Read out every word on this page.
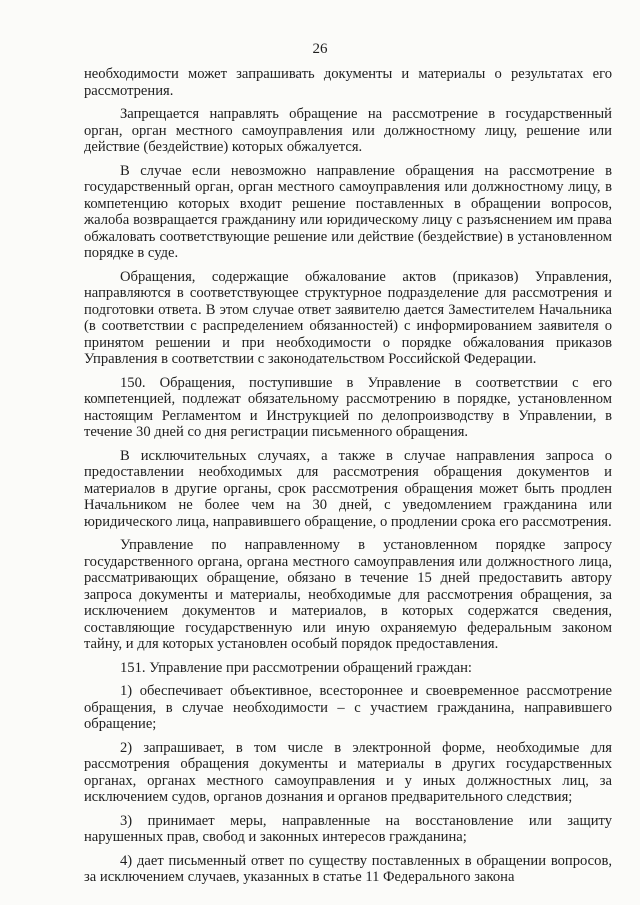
26

необходимости может запрашивать документы и материалы о результатах его рассмотрения.

Запрещается направлять обращение на рассмотрение в государственный орган, орган местного самоуправления или должностному лицу, решение или действие (бездействие) которых обжалуется.

В случае если невозможно направление обращения на рассмотрение в государственный орган, орган местного самоуправления или должностному лицу, в компетенцию которых входит решение поставленных в обращении вопросов, жалоба возвращается гражданину или юридическому лицу с разъяснением им права обжаловать соответствующие решение или действие (бездействие) в установленном порядке в суде.

Обращения, содержащие обжалование актов (приказов) Управления, направляются в соответствующее структурное подразделение для рассмотрения и подготовки ответа. В этом случае ответ заявителю дается Заместителем Начальника (в соответствии с распределением обязанностей) с информированием заявителя о принятом решении и при необходимости о порядке обжалования приказов Управления в соответствии с законодательством Российской Федерации.

150. Обращения, поступившие в Управление в соответствии с его компетенцией, подлежат обязательному рассмотрению в порядке, установленном настоящим Регламентом и Инструкцией по делопроизводству в Управлении, в течение 30 дней со дня регистрации письменного обращения.

В исключительных случаях, а также в случае направления запроса о предоставлении необходимых для рассмотрения обращения документов и материалов в другие органы, срок рассмотрения обращения может быть продлен Начальником не более чем на 30 дней, с уведомлением гражданина или юридического лица, направившего обращение, о продлении срока его рассмотрения.

Управление по направленному в установленном порядке запросу государственного органа, органа местного самоуправления или должностного лица, рассматривающих обращение, обязано в течение 15 дней предоставить автору запроса документы и материалы, необходимые для рассмотрения обращения, за исключением документов и материалов, в которых содержатся сведения, составляющие государственную или иную охраняемую федеральным законом тайну, и для которых установлен особый порядок предоставления.

151. Управление при рассмотрении обращений граждан:

1) обеспечивает объективное, всестороннее и своевременное рассмотрение обращения, в случае необходимости – с участием гражданина, направившего обращение;

2) запрашивает, в том числе в электронной форме, необходимые для рассмотрения обращения документы и материалы в других государственных органах, органах местного самоуправления и у иных должностных лиц, за исключением судов, органов дознания и органов предварительного следствия;

3) принимает меры, направленные на восстановление или защиту нарушенных прав, свобод и законных интересов гражданина;

4) дает письменный ответ по существу поставленных в обращении вопросов, за исключением случаев, указанных в статье 11 Федерального закона
